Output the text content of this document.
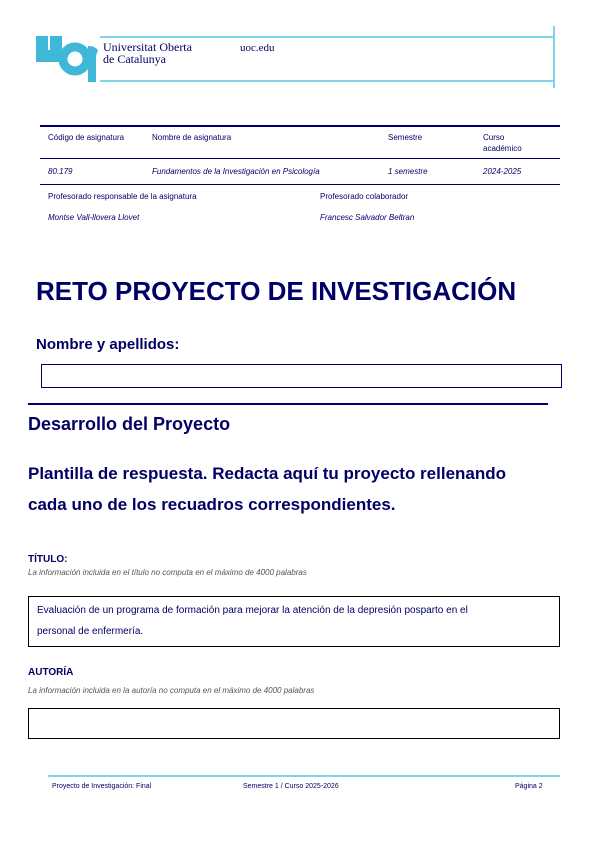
Universitat Oberta
de Catalunya
uoc.edu
Código de asignatura	Nombre de asignatura	Semestre	Curso
académico
80.179	Fundamentos de la Investigación en Psicología	1 semestre	2024-2025
Profesorado responsable de la asignatura	Profesorado colaborador
Montse Vall-llovera Llovet	Francesc Salvador Beltran
RETO PROYECTO DE INVESTIGACIÓN
Nombre y apellidos:
Desarrollo del Proyecto
Plantilla de respuesta. Redacta aquí tu proyecto rellenando
cada uno de los recuadros correspondientes.
TÍTULO:
La información incluida en el título no computa en el máximo de 4000 palabras
Evaluación de un programa de formación para mejorar la atención de la depresión posparto en el
personal de enfermería.
AUTORÍA
La información incluida en la autoría no computa en el máximo de 4000 palabras
Proyecto de Investigación: Final	Semestre 1 / Curso 2025-2026	Página 2
